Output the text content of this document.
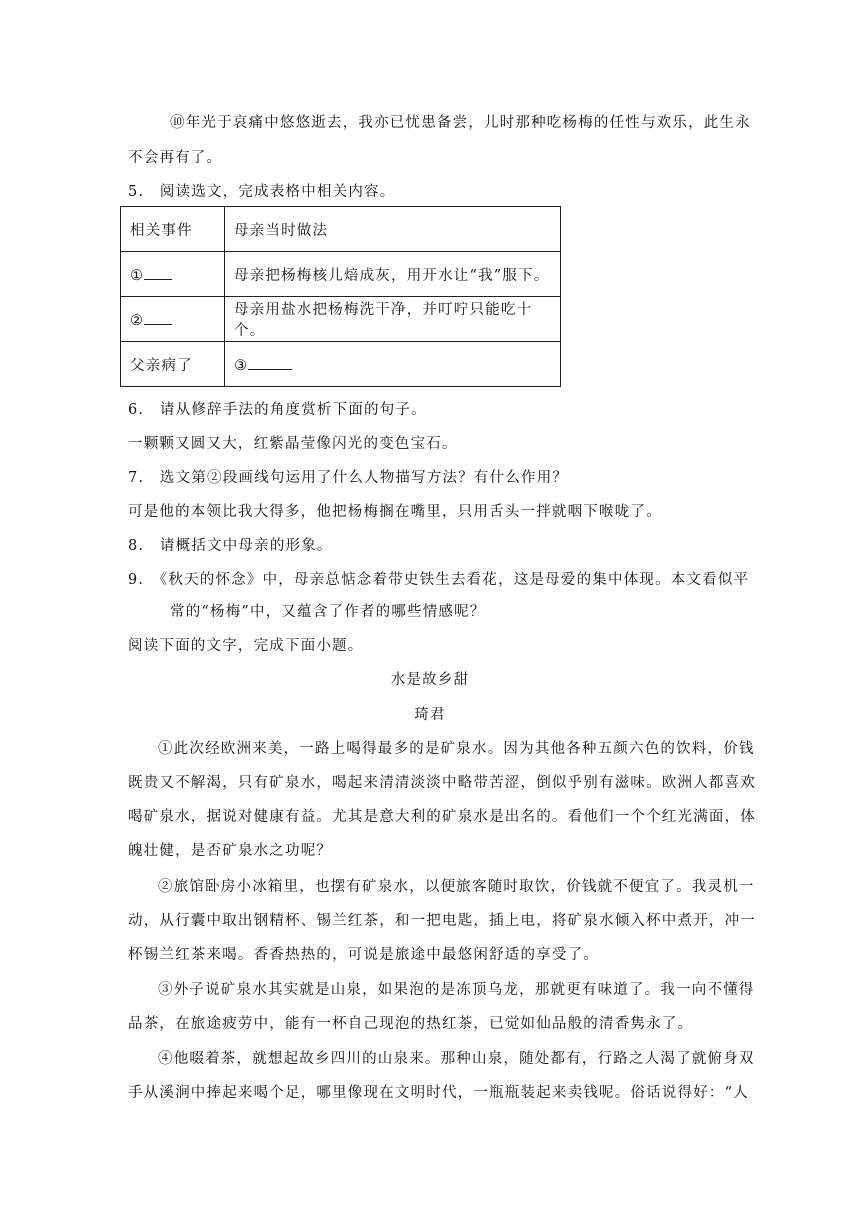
⑩年光于哀痛中悠悠逝去，我亦已忧患备尝，儿时那种吃杨梅的任性与欢乐，此生永
不会再有了。
5.　阅读选文，完成表格中相关内容。
相关事件	母亲当时做法
①	母亲把杨梅核儿焙成灰，用开水让“我”服下。
②	母亲用盐水把杨梅洗干净，并叮咛只能吃十个。
父亲病了	③
6.　请从修辞手法的角度赏析下面的句子。
一颗颗又圆又大，红紫晶莹像闪光的变色宝石。
7.　选文第②段画线句运用了什么人物描写方法？有什么作用？
可是他的本领比我大得多，他把杨梅搁在嘴里，只用舌头一拌就咽下喉咙了。
8.　请概括文中母亲的形象。
9.　《秋天的怀念》中，母亲总惦念着带史铁生去看花，这是母爱的集中体现。本文看似平
常的“杨梅”中，又蕴含了作者的哪些情感呢？
阅读下面的文字，完成下面小题。
水是故乡甜
琦君
①此次经欧洲来美，一路上喝得最多的是矿泉水。因为其他各种五颜六色的饮料，价钱
既贵又不解渴，只有矿泉水，喝起来清清淡淡中略带苦涩，倒似乎别有滋味。欧洲人都喜欢
喝矿泉水，据说对健康有益。尤其是意大利的矿泉水是出名的。看他们一个个红光满面，体
魄壮健，是否矿泉水之功呢？
②旅馆卧房小冰箱里，也摆有矿泉水，以便旅客随时取饮，价钱就不便宜了。我灵机一
动，从行囊中取出钢精杯、锡兰红茶，和一把电匙，插上电，将矿泉水倾入杯中煮开，冲一
杯锡兰红茶来喝。香香热热的，可说是旅途中最悠闲舒适的享受了。
③外子说矿泉水其实就是山泉，如果泡的是冻顶乌龙，那就更有味道了。我一向不懂得
品茶，在旅途疲劳中，能有一杯自己现泡的热红茶，已觉如仙品般的清香隽永了。
④他啜着茶，就想起故乡四川的山泉来。那种山泉，随处都有，行路之人渴了就俯身双
手从溪涧中捧起来喝个足，哪里像现在文明时代，一瓶瓶装起来卖钱呢。俗话说得好：“人
